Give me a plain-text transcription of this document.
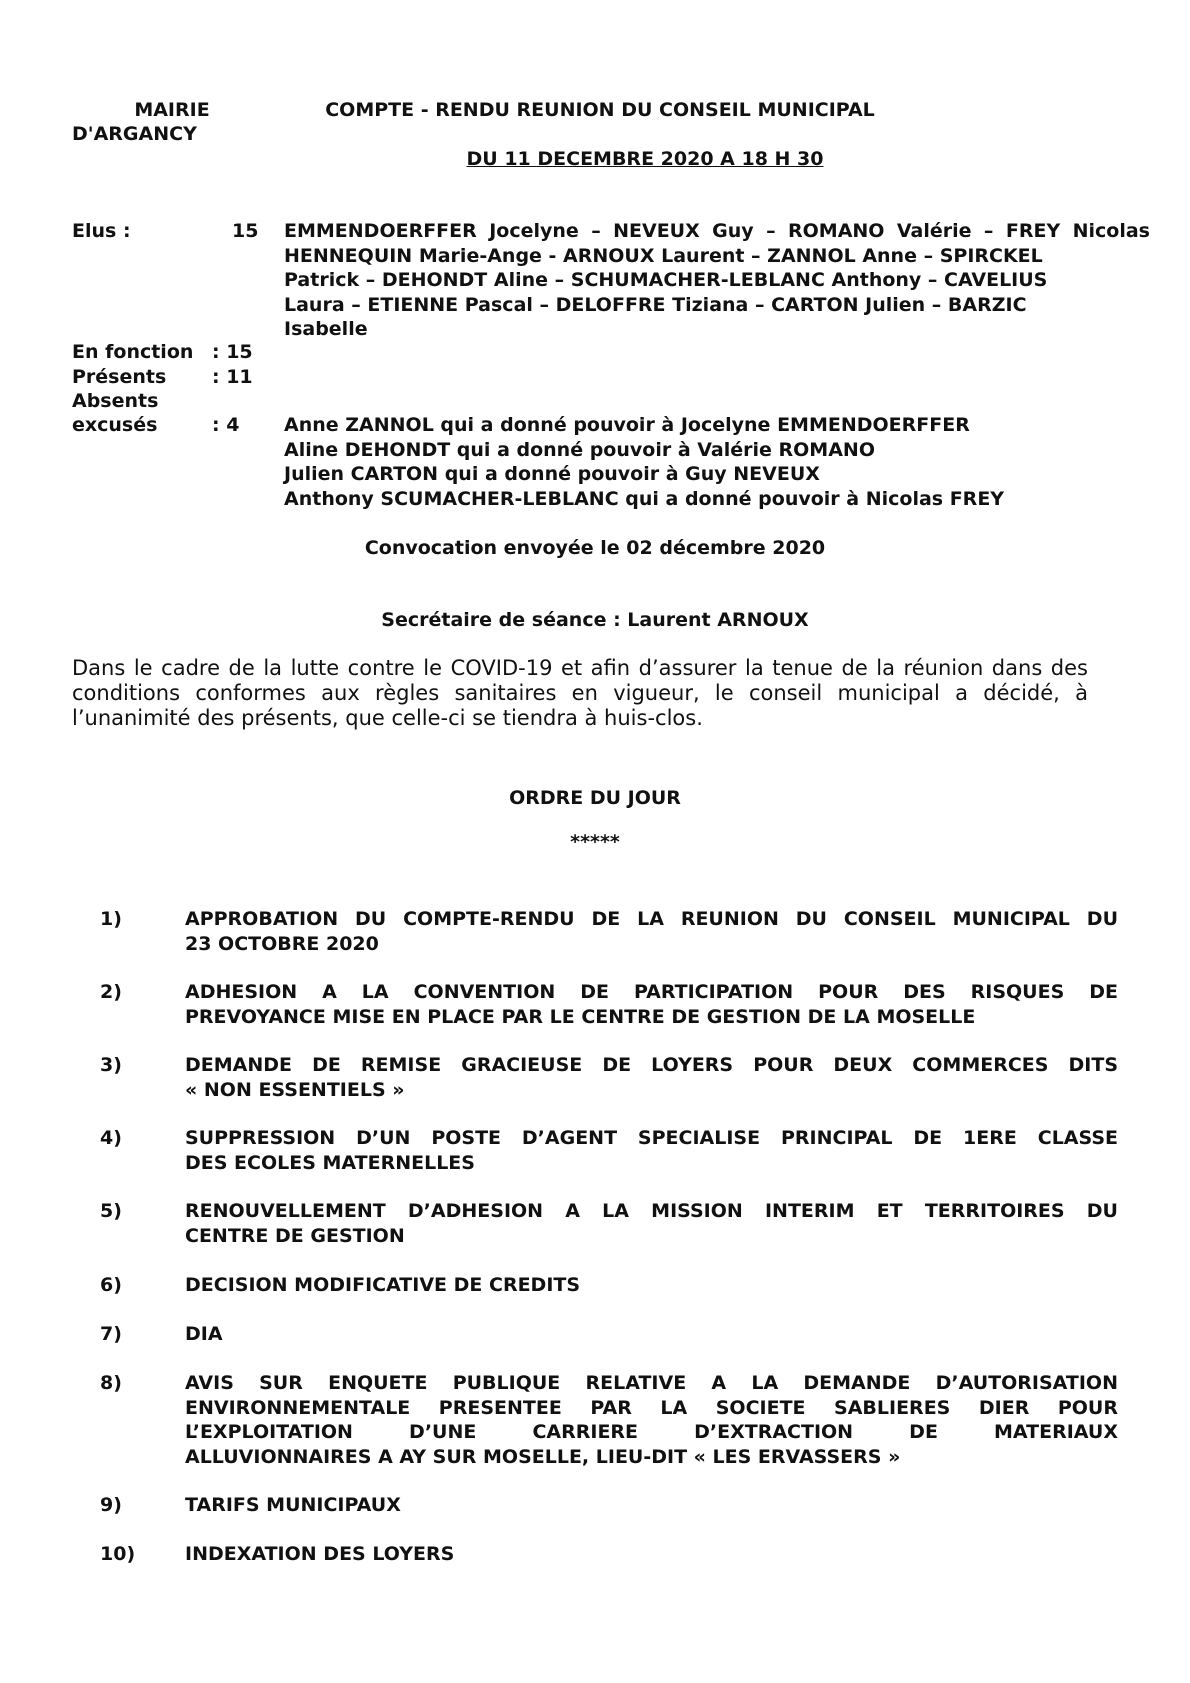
MAIRIE
D'ARGANCY
COMPTE - RENDU REUNION DU CONSEIL MUNICIPAL
DU 11 DECEMBRE 2020 A 18 H 30
Elus :	15 EMMENDOERFFER Jocelyne – NEVEUX Guy – ROMANO Valérie – FREY Nicolas
HENNEQUIN Marie-Ange - ARNOUX Laurent – ZANNOL Anne – SPIRCKEL
Patrick – DEHONDT Aline – SCHUMACHER-LEBLANC Anthony – CAVELIUS
Laura – ETIENNE Pascal – DELOFFRE Tiziana – CARTON Julien – BARZIC
Isabelle
En fonction : 15
Présents : 11
Absents
excusés	: 4 Anne ZANNOL qui a donné pouvoir à Jocelyne EMMENDOERFFER
Aline DEHONDT qui a donné pouvoir à Valérie ROMANO
Julien CARTON qui a donné pouvoir à Guy NEVEUX
Anthony SCUMACHER-LEBLANC qui a donné pouvoir à Nicolas FREY
Convocation envoyée le 02 décembre 2020
Secrétaire de séance : Laurent ARNOUX
Dans le cadre de la lutte contre le COVID-19 et afin d’assurer la tenue de la réunion dans des conditions conformes aux règles sanitaires en vigueur, le conseil municipal a décidé, à l’unanimité des présents, que celle-ci se tiendra à huis-clos.
ORDRE DU JOUR
*****
1)	APPROBATION DU COMPTE-RENDU DE LA REUNION DU CONSEIL MUNICIPAL DU
23 OCTOBRE 2020
2)	ADHESION A LA CONVENTION DE PARTICIPATION POUR DES RISQUES DE
PREVOYANCE MISE EN PLACE PAR LE CENTRE DE GESTION DE LA MOSELLE
3)	DEMANDE DE REMISE GRACIEUSE DE LOYERS POUR DEUX COMMERCES DITS
« NON ESSENTIELS »
4)	SUPPRESSION D’UN POSTE D’AGENT SPECIALISE PRINCIPAL DE 1ERE CLASSE
DES ECOLES MATERNELLES
5)	RENOUVELLEMENT D’ADHESION A LA MISSION INTERIM ET TERRITOIRES DU
CENTRE DE GESTION
6)	DECISION MODIFICATIVE DE CREDITS
7)	DIA
8)	AVIS SUR ENQUETE PUBLIQUE RELATIVE A LA DEMANDE D’AUTORISATION
ENVIRONNEMENTALE PRESENTEE PAR LA SOCIETE SABLIERES DIER POUR
L’EXPLOITATION D’UNE CARRIERE D’EXTRACTION DE MATERIAUX
ALLUVIONNAIRES A AY SUR MOSELLE, LIEU-DIT « LES ERVASSERS »
9)	TARIFS MUNICIPAUX
10)	INDEXATION DES LOYERS
